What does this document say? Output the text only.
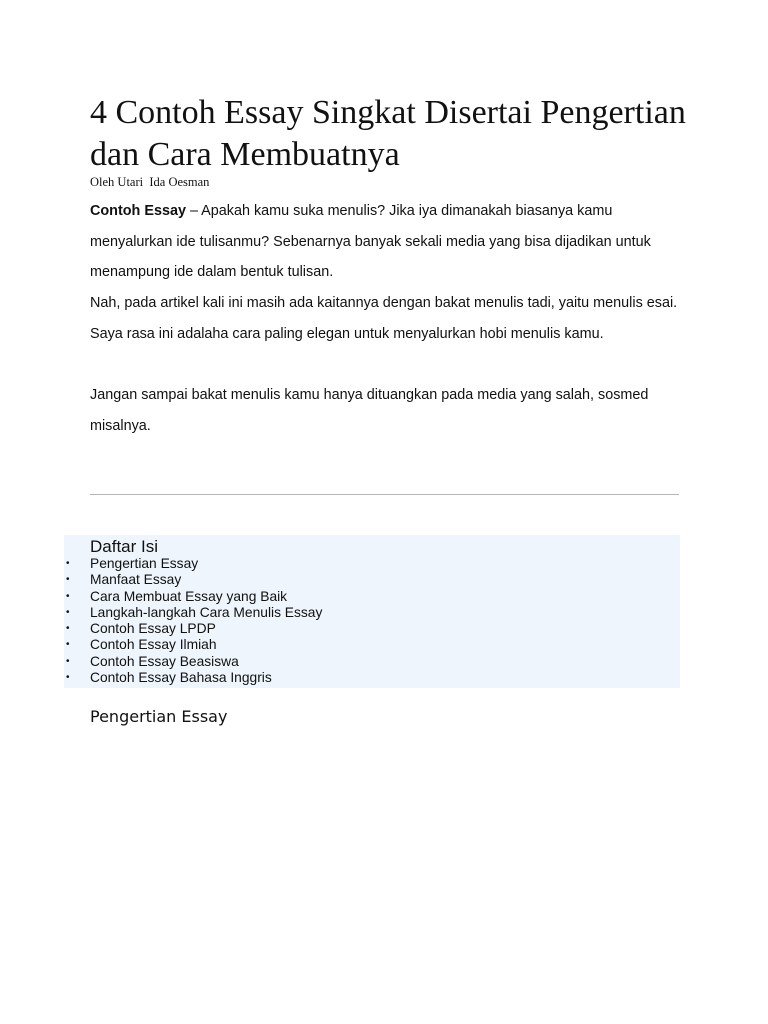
4 Contoh Essay Singkat Disertai Pengertian dan Cara Membuatnya
Oleh Utari  Ida Oesman
Contoh Essay – Apakah kamu suka menulis? Jika iya dimanakah biasanya kamu menyalurkan ide tulisanmu? Sebenarnya banyak sekali media yang bisa dijadikan untuk menampung ide dalam bentuk tulisan.
Nah, pada artikel kali ini masih ada kaitannya dengan bakat menulis tadi, yaitu menulis esai. Saya rasa ini adalaha cara paling elegan untuk menyalurkan hobi menulis kamu.
Jangan sampai bakat menulis kamu hanya dituangkan pada media yang salah, sosmed misalnya.
Daftar Isi
• Pengertian Essay
• Manfaat Essay
• Cara Membuat Essay yang Baik
• Langkah-langkah Cara Menulis Essay
• Contoh Essay LPDP
• Contoh Essay Ilmiah
• Contoh Essay Beasiswa
• Contoh Essay Bahasa Inggris
Pengertian Essay
